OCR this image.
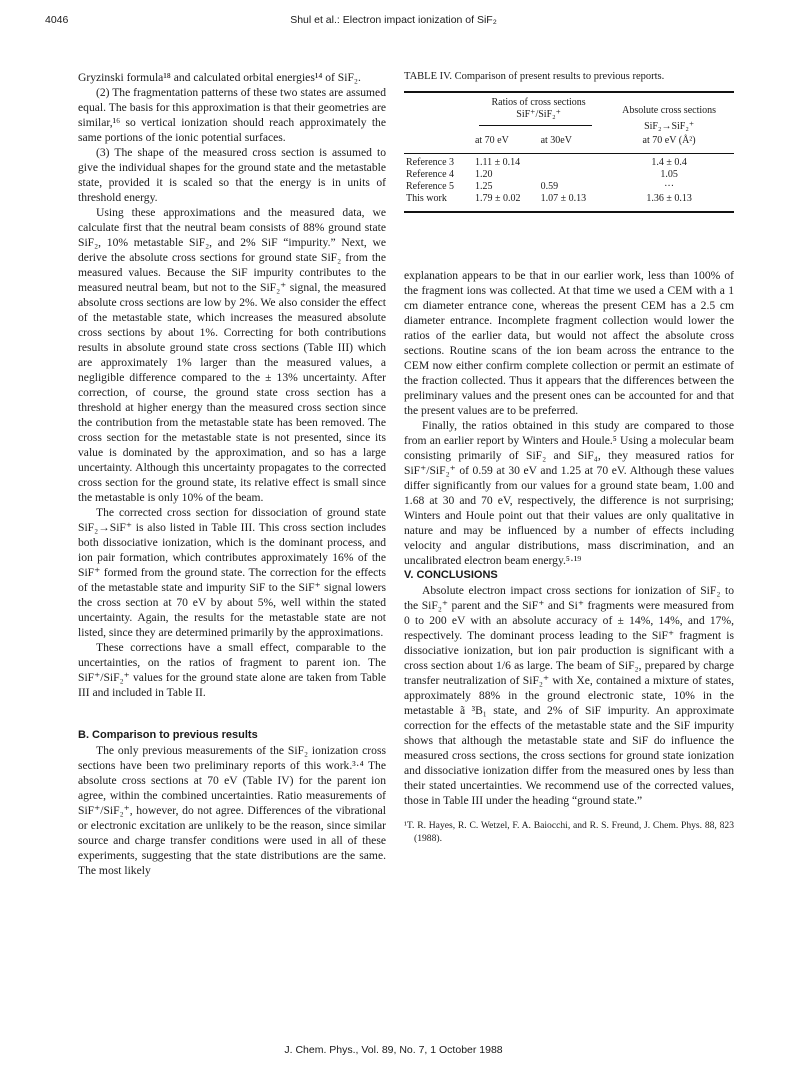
4046	Shul et al.: Electron impact ionization of SiF₂

Gryzinski formula¹⁸ and calculated orbital energies¹⁴ of SiF₂.

(2) The fragmentation patterns of these two states are assumed equal. The basis for this approximation is that their geometries are similar,¹⁶ so vertical ionization should reach approximately the same portions of the ionic potential surfaces.

(3) The shape of the measured cross section is assumed to give the individual shapes for the ground state and the metastable state, provided it is scaled so that the energy is in units of threshold energy.

Using these approximations and the measured data, we calculate first that the neutral beam consists of 88% ground state SiF₂, 10% metastable SiF₂, and 2% SiF “impurity.” Next, we derive the absolute cross sections for ground state SiF₂ from the measured values. Because the SiF impurity contributes to the measured neutral beam, but not to the SiF₂⁺ signal, the measured absolute cross sections are low by 2%. We also consider the effect of the metastable state, which increases the measured absolute cross sections by about 1%. Correcting for both contributions results in absolute ground state cross sections (Table III) which are approximately 1% larger than the measured values, a negligible difference compared to the ± 13% uncertainty. After correction, of course, the ground state cross section has a threshold at higher energy than the measured cross section since the contribution from the metastable state has been removed. The cross section for the metastable state is not presented, since its value is dominated by the approximation, and so has a large uncertainty. Although this uncertainty propagates to the corrected cross section for the ground state, its relative effect is small since the metastable is only 10% of the beam.

The corrected cross section for dissociation of ground state SiF₂→SiF⁺ is also listed in Table III. This cross section includes both dissociative ionization, which is the dominant process, and ion pair formation, which contributes approximately 16% of the SiF⁺ formed from the ground state. The correction for the effects of the metastable state and impurity SiF to the SiF⁺ signal lowers the cross section at 70 eV by about 5%, well within the stated uncertainty. Again, the results for the metastable state are not listed, since they are determined primarily by the approximations.

These corrections have a small effect, comparable to the uncertainties, on the ratios of fragment to parent ion. The SiF⁺/SiF₂⁺ values for the ground state alone are taken from Table III and included in Table II.

B. Comparison to previous results

The only previous measurements of the SiF₂ ionization cross sections have been two preliminary reports of this work.³·⁴ The absolute cross sections at 70 eV (Table IV) for the parent ion agree, within the combined uncertainties. Ratio measurements of SiF⁺/SiF₂⁺, however, do not agree. Differences of the vibrational or electronic excitation are unlikely to be the reason, since similar source and charge transfer conditions were used in all of these experiments, suggesting that the state distributions are the same. The most likely

TABLE IV. Comparison of present results to previous reports.

	Ratios of cross sections
SiF⁺/SiF₂⁺		Absolute cross sections

		SiF₂→SiF₂⁺
	at 70 eV	at 30eV	at 70 eV (Å²)

Reference 3	1.11 ± 0.14		1.4 ± 0.4
Reference 4	1.20		1.05
Reference 5	1.25	0.59	···
This work	1.79 ± 0.02	1.07 ± 0.13	1.36 ± 0.13

explanation appears to be that in our earlier work, less than 100% of the fragment ions was collected. At that time we used a CEM with a 1 cm diameter entrance cone, whereas the present CEM has a 2.5 cm diameter entrance. Incomplete fragment collection would lower the ratios of the earlier data, but would not affect the absolute cross sections. Routine scans of the ion beam across the entrance to the CEM now either confirm complete collection or permit an estimate of the fraction collected. Thus it appears that the differences between the preliminary values and the present ones can be accounted for and that the present values are to be preferred.

Finally, the ratios obtained in this study are compared to those from an earlier report by Winters and Houle.⁵ Using a molecular beam consisting primarily of SiF₂ and SiF₄, they measured ratios for SiF⁺/SiF₂⁺ of 0.59 at 30 eV and 1.25 at 70 eV. Although these values differ significantly from our values for a ground state beam, 1.00 and 1.68 at 30 and 70 eV, respectively, the difference is not surprising; Winters and Houle point out that their values are only qualitative in nature and may be influenced by a number of effects including velocity and angular distributions, mass discrimination, and an uncalibrated electron beam energy.⁵·¹⁹

V. CONCLUSIONS

Absolute electron impact cross sections for ionization of SiF₂ to the SiF₂⁺ parent and the SiF⁺ and Si⁺ fragments were measured from 0 to 200 eV with an absolute accuracy of ± 14%, 14%, and 17%, respectively. The dominant process leading to the SiF⁺ fragment is dissociative ionization, but ion pair production is significant with a cross section about 1/6 as large. The beam of SiF₂, prepared by charge transfer neutralization of SiF₂⁺ with Xe, contained a mixture of states, approximately 88% in the ground electronic state, 10% in the metastable ã ³B₁ state, and 2% of SiF impurity. An approximate correction for the effects of the metastable state and the SiF impurity shows that although the metastable state and SiF do influence the measured cross sections, the cross sections for ground state ionization and dissociative ionization differ from the measured ones by less than their stated uncertainties. We recommend use of the corrected values, those in Table III under the heading “ground state.”

¹T. R. Hayes, R. C. Wetzel, F. A. Baiocchi, and R. S. Freund, J. Chem. Phys. 88, 823 (1988).

J. Chem. Phys., Vol. 89, No. 7, 1 October 1988
